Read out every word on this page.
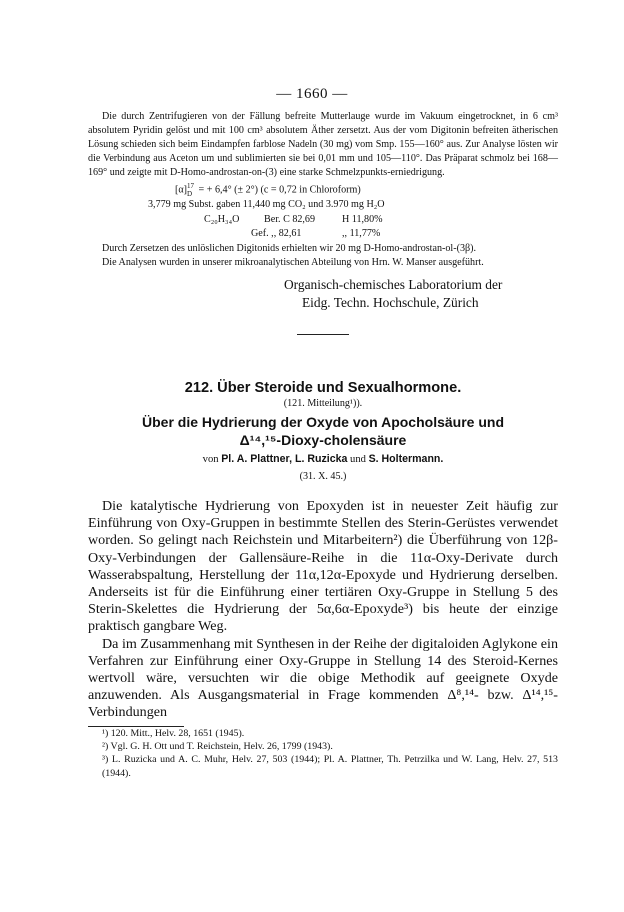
— 1660 —

Die durch Zentrifugieren von der Fällung befreite Mutterlauge wurde im Vakuum eingetrocknet, in 6 cm³ absolutem Pyridin gelöst und mit 100 cm³ absolutem Äther zersetzt. Aus der vom Digitonin befreiten ätherischen Lösung schieden sich beim Eindampfen farblose Nadeln (30 mg) vom Smp. 155—160° aus. Zur Analyse lösten wir die Verbindung aus Aceton um und sublimierten sie bei 0,01 mm und 105—110°. Das Präparat schmolz bei 168—169° und zeigte mit D-Homo-androstan-on-(3) eine starke Schmelzpunkts-erniedrigung.

[α] 17
D = + 6,4° (± 2°) (c = 0,72 in Chloroform)
3,779 mg Subst. gaben 11,440 mg CO₂ und 3.970 mg H₂O
C₂₀H₃₄O Ber. C 82,69	H 11,80%
Gef. ,, 82,61	,, 11,77%

Durch Zersetzen des unlöslichen Digitonids erhielten wir 20 mg D-Homo-androstan-ol-(3β).

Die Analysen wurden in unserer mikroanalytischen Abteilung von Hrn. W. Manser ausgeführt.

Organisch-chemisches Laboratorium der
Eidg. Techn. Hochschule, Zürich
212. Über Steroide und Sexualhormone.
(121. Mitteilung¹)).
Über die Hydrierung der Oxyde von Apocholsäure und
Δ¹⁴,¹⁵-Dioxy-cholensäure
von Pl. A. Plattner, L. Ruzicka und S. Holtermann.
(31. X. 45.)

Die katalytische Hydrierung von Epoxyden ist in neuester Zeit häufig zur Einführung von Oxy-Gruppen in bestimmte Stellen des Sterin-Gerüstes verwendet worden. So gelingt nach Reichstein und Mitarbeitern²) die Überführung von 12β-Oxy-Verbindungen der Gallensäure-Reihe in die 11α-Oxy-Derivate durch Wasserabspaltung, Herstellung der 11α,12α-Epoxyde und Hydrierung derselben. Anderseits ist für die Einführung einer tertiären Oxy-Gruppe in Stellung 5 des Sterin-Skelettes die Hydrierung der 5α,6α-Epoxyde³) bis heute der einzige praktisch gangbare Weg.

Da im Zusammenhang mit Synthesen in der Reihe der digitaloiden Aglykone ein Verfahren zur Einführung einer Oxy-Gruppe in Stellung 14 des Steroid-Kernes wertvoll wäre, versuchten wir die obige Methodik auf geeignete Oxyde anzuwenden. Als Ausgangsmaterial in Frage kommenden Δ⁸,¹⁴- bzw. Δ¹⁴,¹⁵-Verbindungen

¹) 120. Mitt., Helv. 28, 1651 (1945).
²) Vgl. G. H. Ott und T. Reichstein, Helv. 26, 1799 (1943).
³) L. Ruzicka und A. C. Muhr, Helv. 27, 503 (1944); Pl. A. Plattner, Th. Petrzilka und W. Lang, Helv. 27, 513 (1944).
